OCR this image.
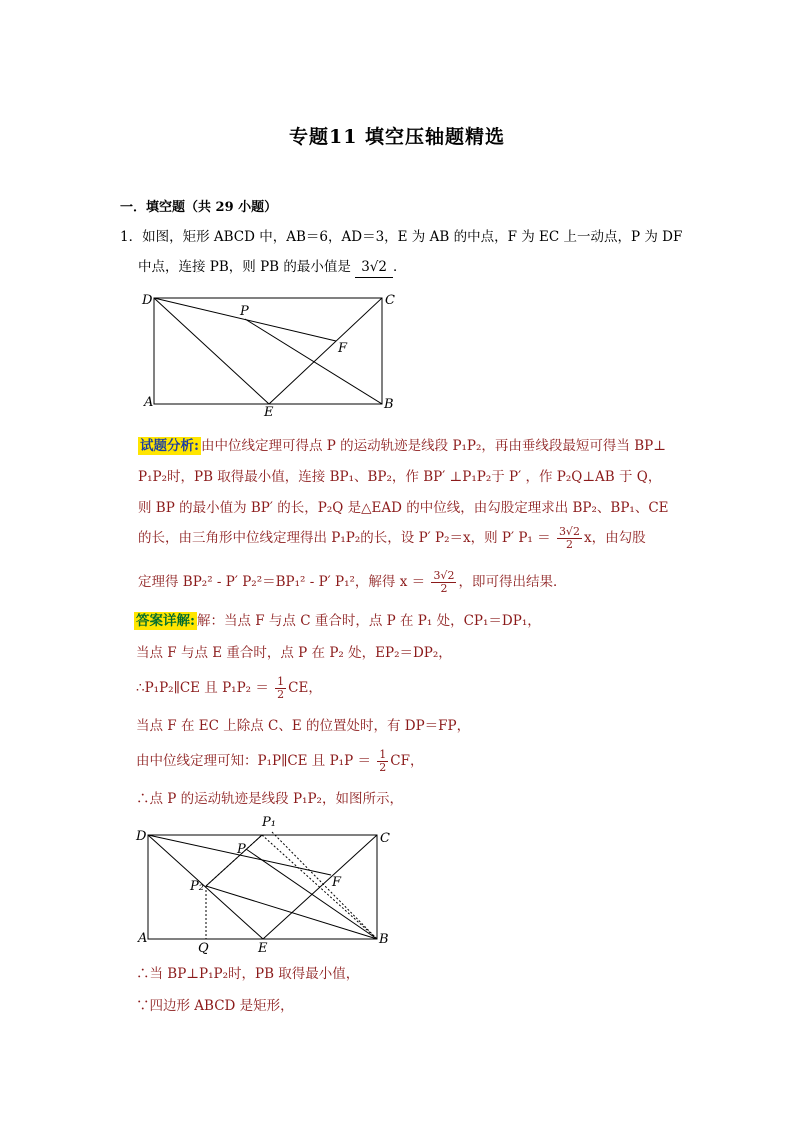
专题11 填空压轴题精选
一．填空题（共 29 小题）
1．如图，矩形 ABCD 中，AB＝6，AD＝3，E 为 AB 的中点，F 为 EC 上一动点，P 为 DF
中点，连接 PB，则 PB 的最小值是 3√2 ．
D	C
A	B
E
F
P
试题分析: 由中位线定理可得点 P 的运动轨迹是线段 P₁P₂，再由垂线段最短可得当 BP⊥
P₁P₂时，PB 取得最小值，连接 BP₁、BP₂，作 BP′ ⊥P₁P₂于 P′ ，作 P₂Q⊥AB 于 Q，
则 BP 的最小值为 BP′ 的长，P₂Q 是△EAD 的中位线，由勾股定理求出 BP₂、BP₁、CE
的长，由三角形中位线定理得出 P₁P₂的长，设 P′ P₂＝x，则 P′ $P_1 = \frac{3√2}{2}$ x，由勾股
定理得 BP₂² - P′ P₂²＝BP₁² - P′ P₁²，解得 $x = \frac{3√2}{2}$ ，即可得出结果．
答案详解: 解：当点 F 与点 C 重合时，点 P 在 P₁ 处，CP₁＝DP₁，
当点 F 与点 E 重合时，点 P 在 P₂ 处，EP₂＝DP₂，
∴P₁P₂∥CE 且 $P_1P_2 = \frac{1}{2}$ CE，
当点 F 在 EC 上除点 C、E 的位置处时，有 DP＝FP，
由中位线定理可知：P₁P∥CE 且 $P_1P = \frac{1}{2}$ CF，
∴点 P 的运动轨迹是线段 P₁P₂，如图所示，
D	C
A	B
E
Q
F
P
P₁
P₂
∴当 BP⊥P₁P₂时，PB 取得最小值，
∵四边形 ABCD 是矩形，
